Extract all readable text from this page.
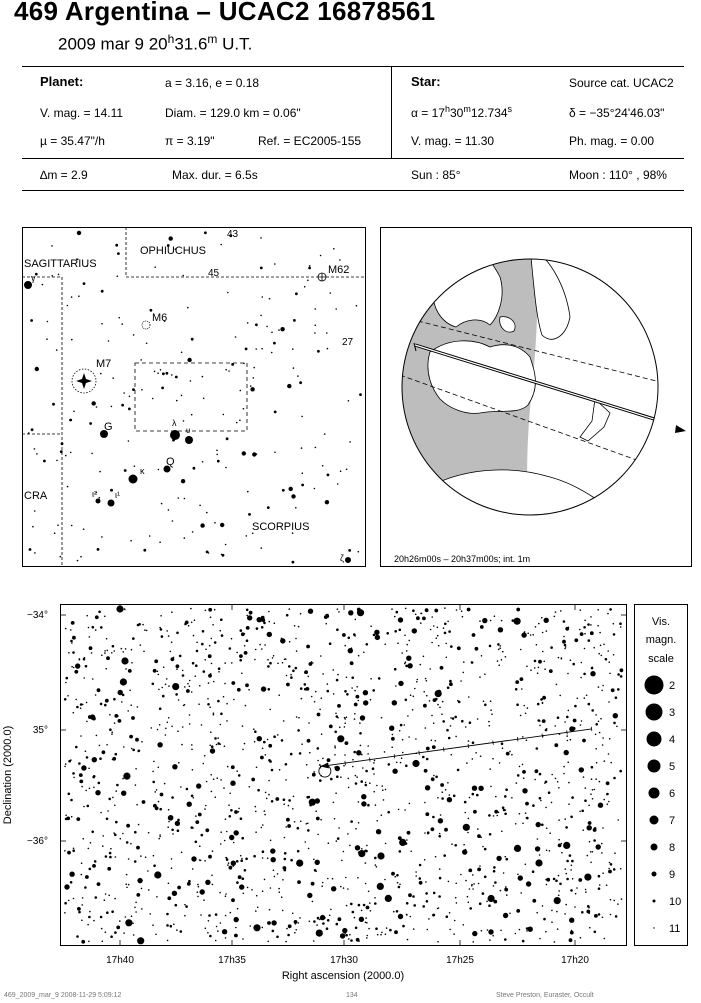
469 Argentina – UCAC2 16878561
2009 mar 9 20$^h$31.6$^m$ U.T.
Planet:	a = 3.16, e = 0.18
V. mag. = 14.11	Diam. = 129.0 km = 0.06"
µ = 35.47"/h	π = 3.19"	Ref. = EC2005-155
Star:	Source cat. UCAC2
$\alpha = 17^h30^m12.734^s$	δ = −35°24'46.03"
V. mag. = 11.30	Ph. mag. = 0.00
∆m = 2.9	Max. dur. = 6.5s	Sun : 85°	Moon : 110° , 98%
SAGITTARIUS
OPHIUCHUS
CRA
SCORPIUS
M6
M7
M62
G
Q
43
45
27
γ
λ
υ
κ
ι² ι¹
ζ	20h26m00s – 20h37m00s; int. 1m
17h40	17h35	17h30	17h25	17h20
−34°
35°
−36°
Right ascension (2000.0)
Declination (2000.0)
Vis.
magn.
scale
2
3
4
5
6
7
8
9
10
11
469_2009_mar_9 2008-11-29 5:09:12	134	Steve Preston, Euraster, Occult
